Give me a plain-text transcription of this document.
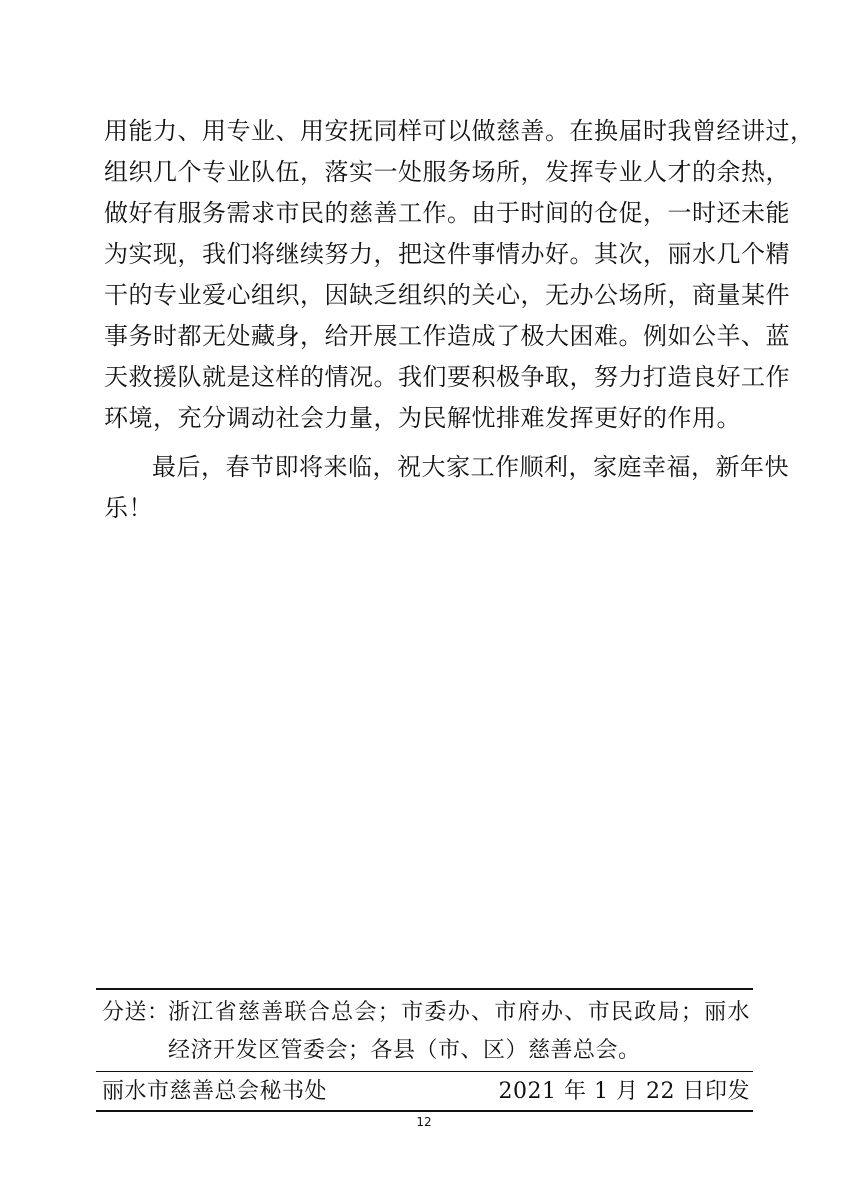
用能力、用专业、用安抚同样可以做慈善。在换届时我曾经讲过，
组织几个专业队伍，落实一处服务场所，发挥专业人才的余热，
做好有服务需求市民的慈善工作。由于时间的仓促，一时还未能
为实现，我们将继续努力，把这件事情办好。其次，丽水几个精
干的专业爱心组织，因缺乏组织的关心，无办公场所，商量某件
事务时都无处藏身，给开展工作造成了极大困难。例如公羊、蓝
天救援队就是这样的情况。我们要积极争取，努力打造良好工作
环境，充分调动社会力量，为民解忧排难发挥更好的作用。
最后，春节即将来临，祝大家工作顺利，家庭幸福，新年快
乐！
分送：
浙江省慈善联合总会；市委办、市府办、市民政局；丽水
经济开发区管委会；各县（市、区）慈善总会。
丽水市慈善总会秘书处	2021 年 1 月 22 日印发
12
